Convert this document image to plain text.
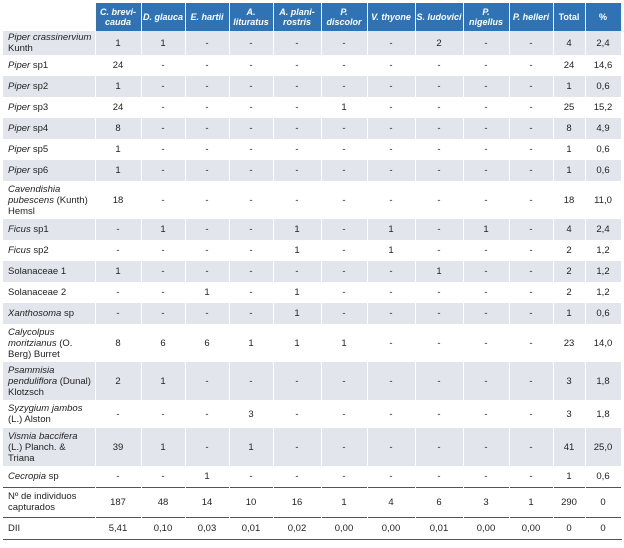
	C. brevi-cauda	D. glauca	E. hartii	A. lituratus	A. plani-rostris	P. discolor	V. thyone	S. ludovici	P. nigellus	P. helleri	Total	%
Piper crassinervium Kunth	1	1	-	-	-	-	-	2	-	-	4	2,4
Piper sp1	24	-	-	-	-	-	-	-	-	-	24	14,6
Piper sp2	1	-	-	-	-	-	-	-	-	-	1	0,6
Piper sp3	24	-	-	-	-	1	-	-	-	-	25	15,2
Piper sp4	8	-	-	-	-	-	-	-	-	-	8	4,9
Piper sp5	1	-	-	-	-	-	-	-	-	-	1	0,6
Piper sp6	1	-	-	-	-	-	-	-	-	-	1	0,6
Cavendishia pubescens (Kunth) Hemsl	18	-	-	-	-	-	-	-	-	-	18	11,0
Ficus sp1	-	1	-	-	1	-	1	-	1	-	4	2,4
Ficus sp2	-	-	-	-	1	-	1	-	-	-	2	1,2
Solanaceae 1	1	-	-	-	-	-	-	1	-	-	2	1,2
Solanaceae 2	-	-	1	-	1	-	-	-	-	-	2	1,2
Xanthosoma sp	-	-	-	-	1	-	-	-	-	-	1	0,6
Calycolpus moritzianus (O. Berg) Burret	8	6	6	1	1	1	-	-	-	-	23	14,0
Psammisia penduliflora (Dunal) Klotzsch	2	1	-	-	-	-	-	-	-	-	3	1,8
Syzygium jambos (L.) Alston	-	-	-	3	-	-	-	-	-	-	3	1,8
Vismia baccifera (L.) Planch. & Triana	39	1	-	1	-	-	-	-	-	-	41	25,0
Cecropia sp	-	-	1	-	-	-	-	-	-	-	1	0,6
Nº de individuos capturados	187	48	14	10	16	1	4	6	3	1	290	0
DII	5,41	0,10	0,03	0,01	0,02	0,00	0,00	0,01	0,00	0,00	0	0
